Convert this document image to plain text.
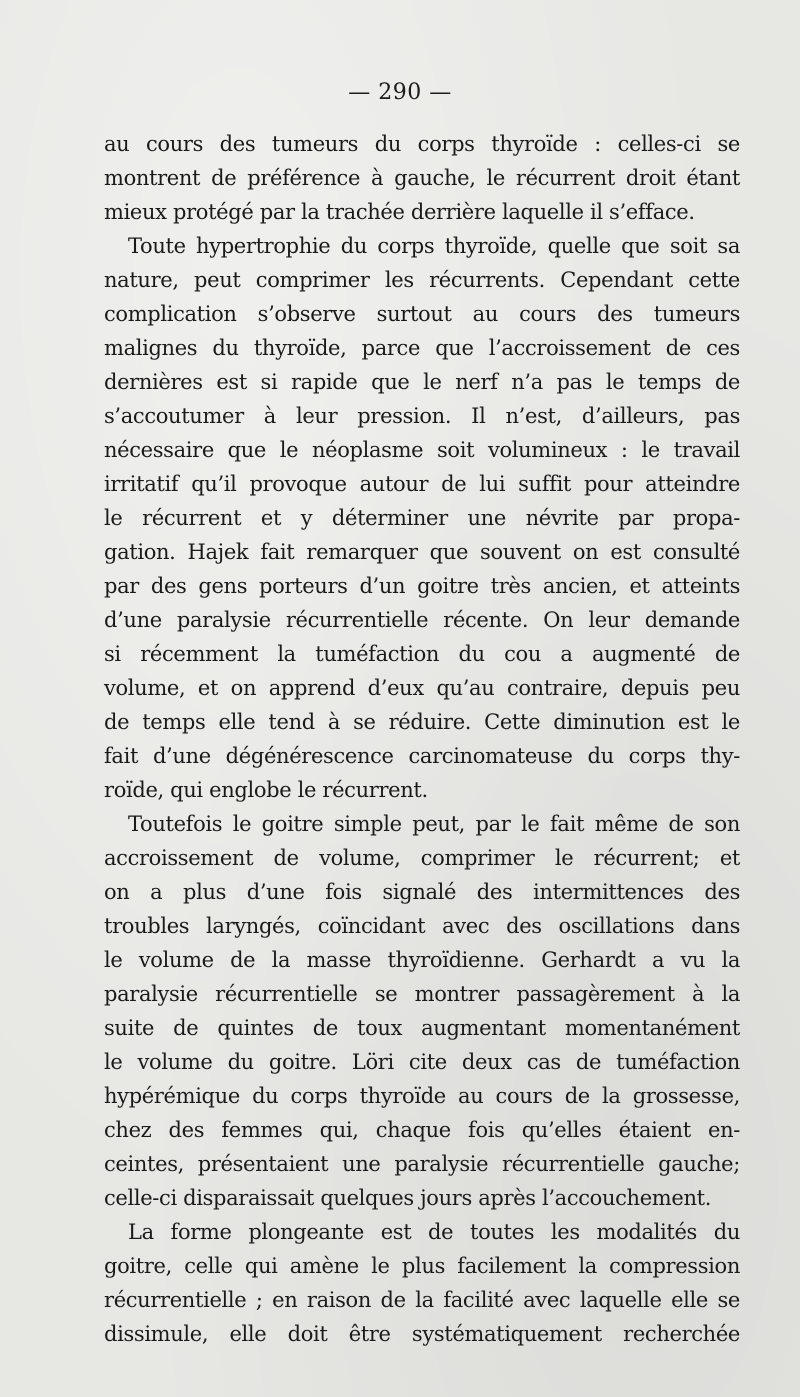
— 290 —
au cours des tumeurs du corps thyroïde : celles-ci se
montrent de préférence à gauche, le récurrent droit étant
mieux protégé par la trachée derrière laquelle il s’efface.
Toute hypertrophie du corps thyroïde, quelle que soit sa
nature, peut comprimer les récurrents. Cependant cette
complication s’observe surtout au cours des tumeurs
malignes du thyroïde, parce que l’accroissement de ces
dernières est si rapide que le nerf n’a pas le temps de
s’accoutumer à leur pression. Il n’est, d’ailleurs, pas
nécessaire que le néoplasme soit volumineux : le travail
irritatif qu’il provoque autour de lui suffit pour atteindre
le récurrent et y déterminer une névrite par propa-
gation. Hajek fait remarquer que souvent on est consulté
par des gens porteurs d’un goitre très ancien, et atteints
d’une paralysie récurrentielle récente. On leur demande
si récemment la tuméfaction du cou a augmenté de
volume, et on apprend d’eux qu’au contraire, depuis peu
de temps elle tend à se réduire. Cette diminution est le
fait d’une dégénérescence carcinomateuse du corps thy-
roïde, qui englobe le récurrent.
Toutefois le goitre simple peut, par le fait même de son
accroissement de volume, comprimer le récurrent; et
on a plus d’une fois signalé des intermittences des
troubles laryngés, coïncidant avec des oscillations dans
le volume de la masse thyroïdienne. Gerhardt a vu la
paralysie récurrentielle se montrer passagèrement à la
suite de quintes de toux augmentant momentanément
le volume du goitre. Löri cite deux cas de tuméfaction
hypérémique du corps thyroïde au cours de la grossesse,
chez des femmes qui, chaque fois qu’elles étaient en-
ceintes, présentaient une paralysie récurrentielle gauche;
celle-ci disparaissait quelques jours après l’accouchement.
La forme plongeante est de toutes les modalités du
goitre, celle qui amène le plus facilement la compression
récurrentielle ; en raison de la facilité avec laquelle elle se
dissimule, elle doit être systématiquement recherchée
